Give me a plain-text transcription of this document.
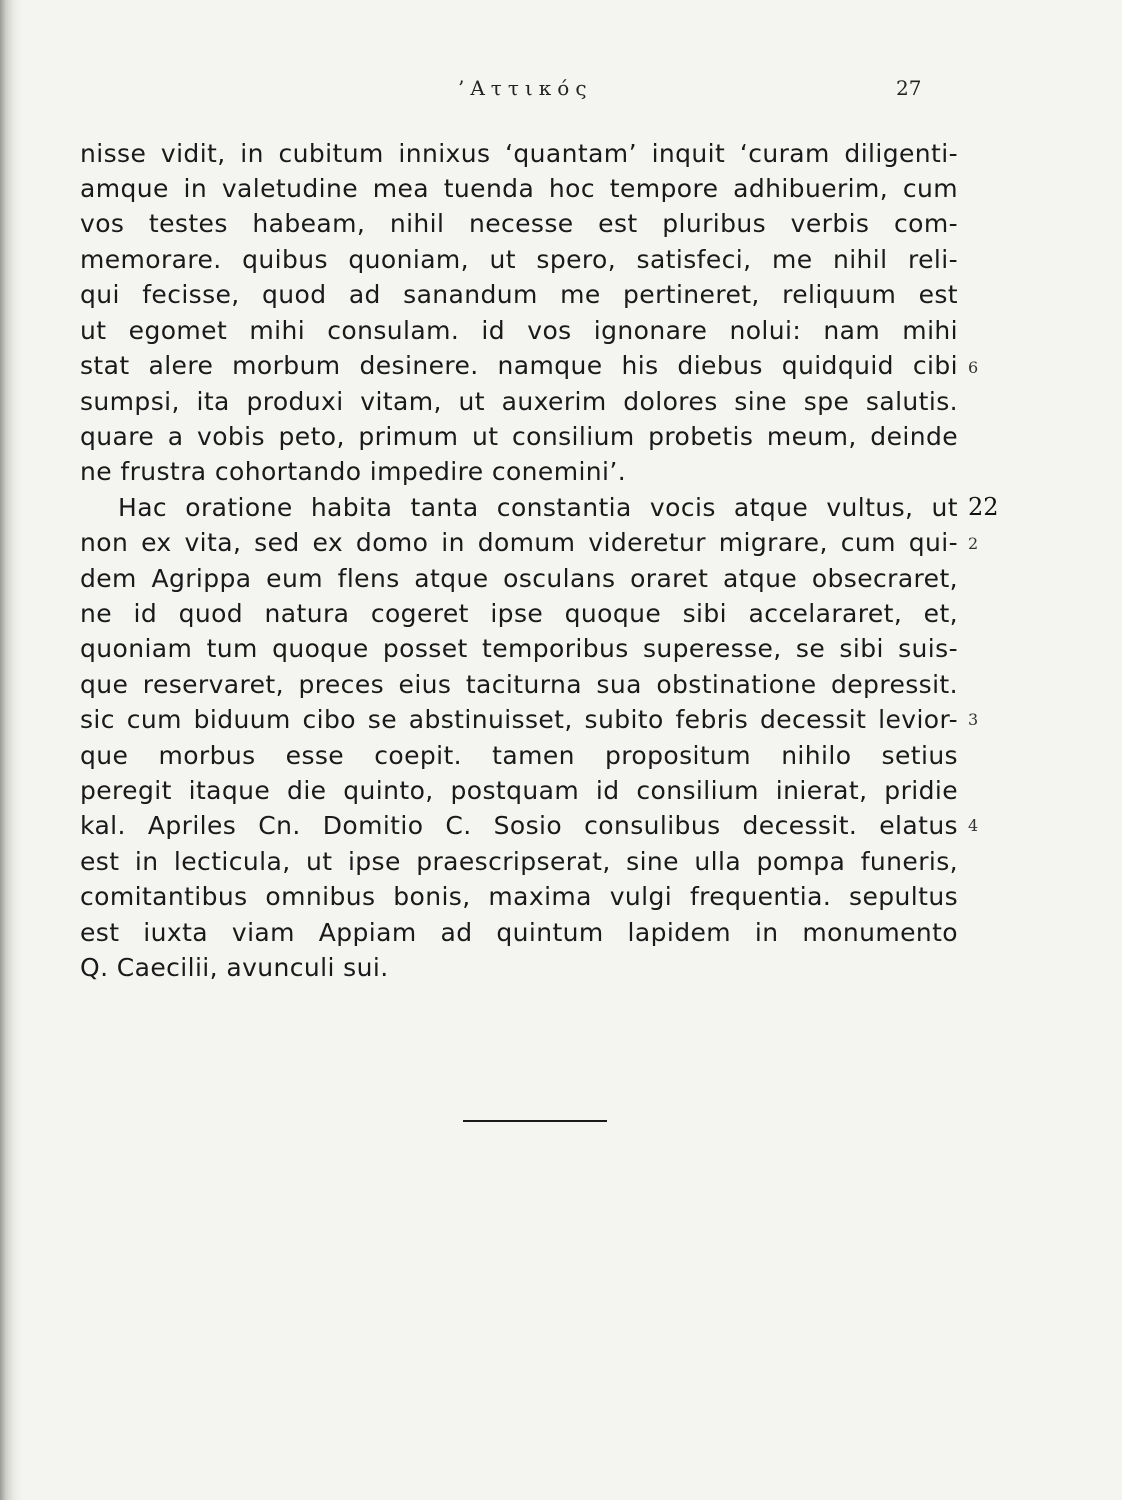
’Αττικός	27
nisse vidit, in cubitum innixus ‘quantam’ inquit ‘curam diligenti-
amque in valetudine mea tuenda hoc tempore adhibuerim, cum
vos testes habeam, nihil necesse est pluribus verbis com-
memorare. quibus quoniam, ut spero, satisfeci, me nihil reli-
qui fecisse, quod ad sanandum me pertineret, reliquum est
ut egomet mihi consulam. id vos ignonare nolui: nam mihi
stat alere morbum desinere. namque his diebus quidquid cibi
sumpsi, ita produxi vitam, ut auxerim dolores sine spe salutis.
quare a vobis peto, primum ut consilium probetis meum, deinde
ne frustra cohortando impedire conemini’.
Hac oratione habita tanta constantia vocis atque vultus, ut
non ex vita, sed ex domo in domum videretur migrare, cum qui-
dem Agrippa eum flens atque osculans oraret atque obsecraret,
ne id quod natura cogeret ipse quoque sibi accelararet, et,
quoniam tum quoque posset temporibus superesse, se sibi suis-
que reservaret, preces eius taciturna sua obstinatione depressit.
sic cum biduum cibo se abstinuisset, subito febris decessit levior-
que morbus esse coepit. tamen propositum nihilo setius
peregit itaque die quinto, postquam id consilium inierat, pridie
kal. Apriles Cn. Domitio C. Sosio consulibus decessit. elatus
est in lecticula, ut ipse praescripserat, sine ulla pompa funeris,
comitantibus omnibus bonis, maxima vulgi frequentia. sepultus
est iuxta viam Appiam ad quintum lapidem in monumento
Q. Caecilii, avunculi sui.
6
22
2
3
4
